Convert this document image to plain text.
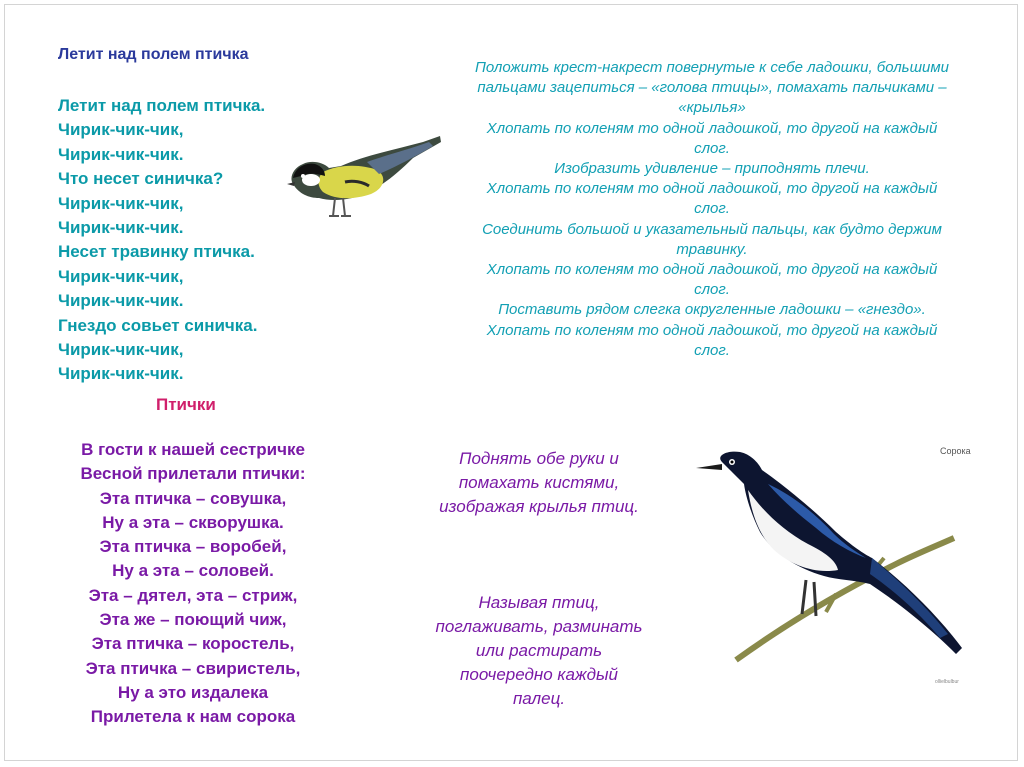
Летит над полем птичка
Летит над полем птичка.
Чирик-чик-чик,
Чирик-чик-чик.
Что несет синичка?
Чирик-чик-чик,
Чирик-чик-чик.
Несет травинку птичка.
Чирик-чик-чик,
Чирик-чик-чик.
Гнездо совьет синичка.
Чирик-чик-чик,
Чирик-чик-чик.
Положить крест-накрест повернутые к себе ладошки, большими
пальцами зацепиться – «голова птицы», помахать пальчиками –
«крылья»
Хлопать по коленям то одной ладошкой, то другой на каждый
слог.
Изобразить удивление – приподнять плечи.
Хлопать по коленям то одной ладошкой, то другой на каждый
слог.
Соединить большой и указательный пальцы, как будто держим
травинку.
Хлопать по коленям то одной ладошкой, то другой на каждый
слог.
Поставить рядом слегка округленные ладошки – «гнездо».
Хлопать по коленям то одной ладошкой, то другой на каждый
слог.
Птички
В гости к нашей сестричке
Весной прилетали птички:
Эта птичка – совушка,
Ну а эта – скворушка.
Эта птичка – воробей,
Ну а эта – соловей.
Эта – дятел, эта – стриж,
Эта же – поющий чиж,
Эта птичка – коростель,
Эта птичка – свиристель,
Ну а это издалека
Прилетела к нам сорока
Поднять обе руки и
помахать кистями,
изображая крылья птиц.
Называя птиц,
поглаживать, разминать
или растирать
поочередно каждый
палец.
Сорока
ollielbulbur
